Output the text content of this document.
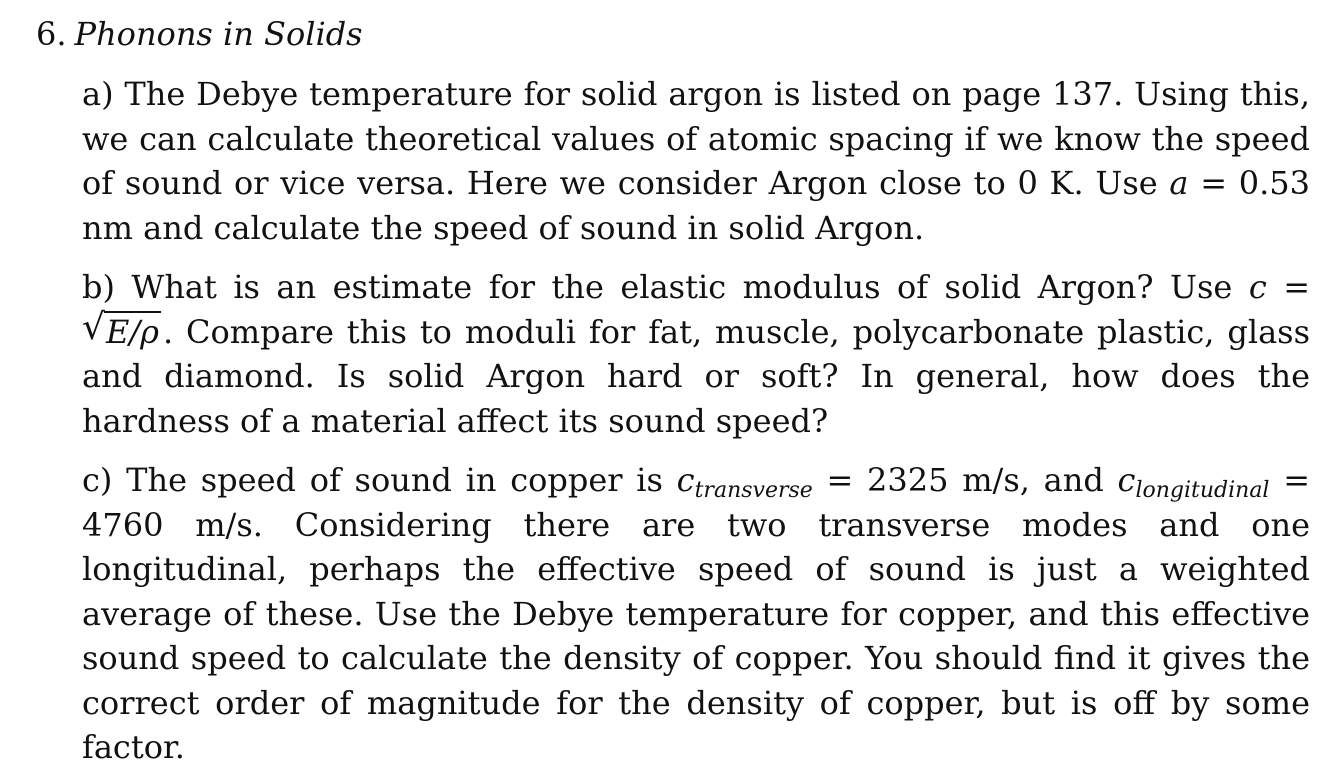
6. Phonons in Solids
a) The Debye temperature for solid argon is listed on page 137. Using this, we can calculate theoretical values of atomic spacing if we know the speed of sound or vice versa. Here we consider Argon close to 0 K. Use a = 0.53 nm and calculate the speed of sound in solid Argon.
b) What is an estimate for the elastic modulus of solid Argon? Use c =
√ E/ρ . Compare this to moduli for fat, muscle, polycarbonate plastic, glass and diamond. Is solid Argon hard or soft? In general, how does the hardness of a material affect its sound speed?
c) The speed of sound in copper is $c_{transverse} = 2325$ m/s, and $c_{longitudinal} = 4760$ m/s. Considering there are two transverse modes and one longitudinal, perhaps the effective speed of sound is just a weighted average of these. Use the Debye temperature for copper, and this effective sound speed to calculate the density of copper. You should find it gives the correct order of magnitude for the density of copper, but is off by some factor.
